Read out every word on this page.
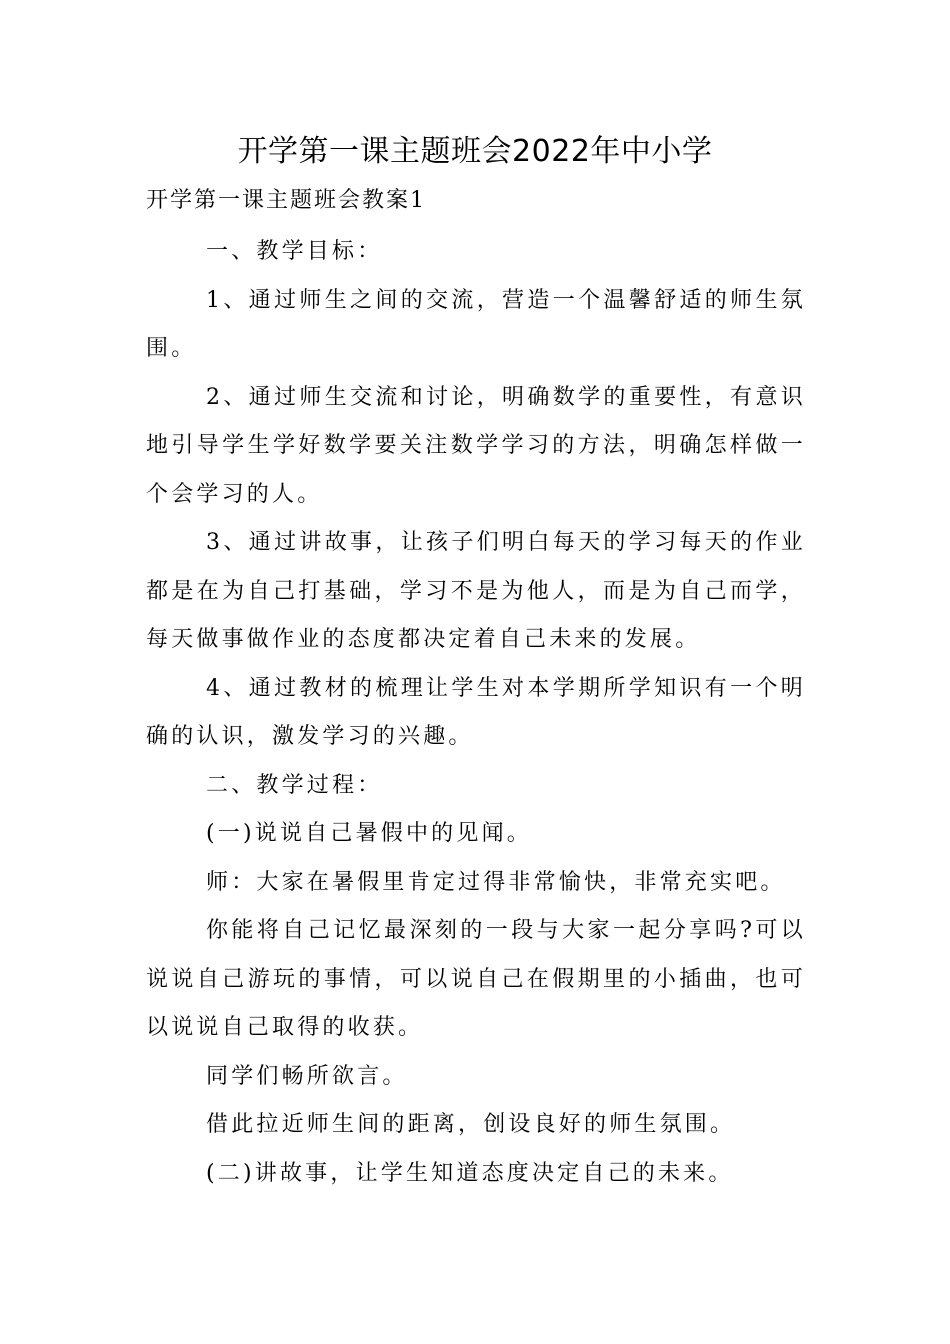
开学第一课主题班会2022年中小学
开学第一课主题班会教案1

一、教学目标：

1、通过师生之间的交流，营造一个温馨舒适的师生氛围。

2、通过师生交流和讨论，明确数学的重要性，有意识地引导学生学好数学要关注数学学习的方法，明确怎样做一个会学习的人。

3、通过讲故事，让孩子们明白每天的学习每天的作业都是在为自己打基础，学习不是为他人，而是为自己而学，每天做事做作业的态度都决定着自己未来的发展。

4、通过教材的梳理让学生对本学期所学知识有一个明确的认识，激发学习的兴趣。

二、教学过程：

(一)说说自己暑假中的见闻。

师：大家在暑假里肯定过得非常愉快，非常充实吧。

你能将自己记忆最深刻的一段与大家一起分享吗?可以说说自己游玩的事情，可以说自己在假期里的小插曲，也可以说说自己取得的收获。

同学们畅所欲言。

借此拉近师生间的距离，创设良好的师生氛围。

(二)讲故事，让学生知道态度决定自己的未来。
